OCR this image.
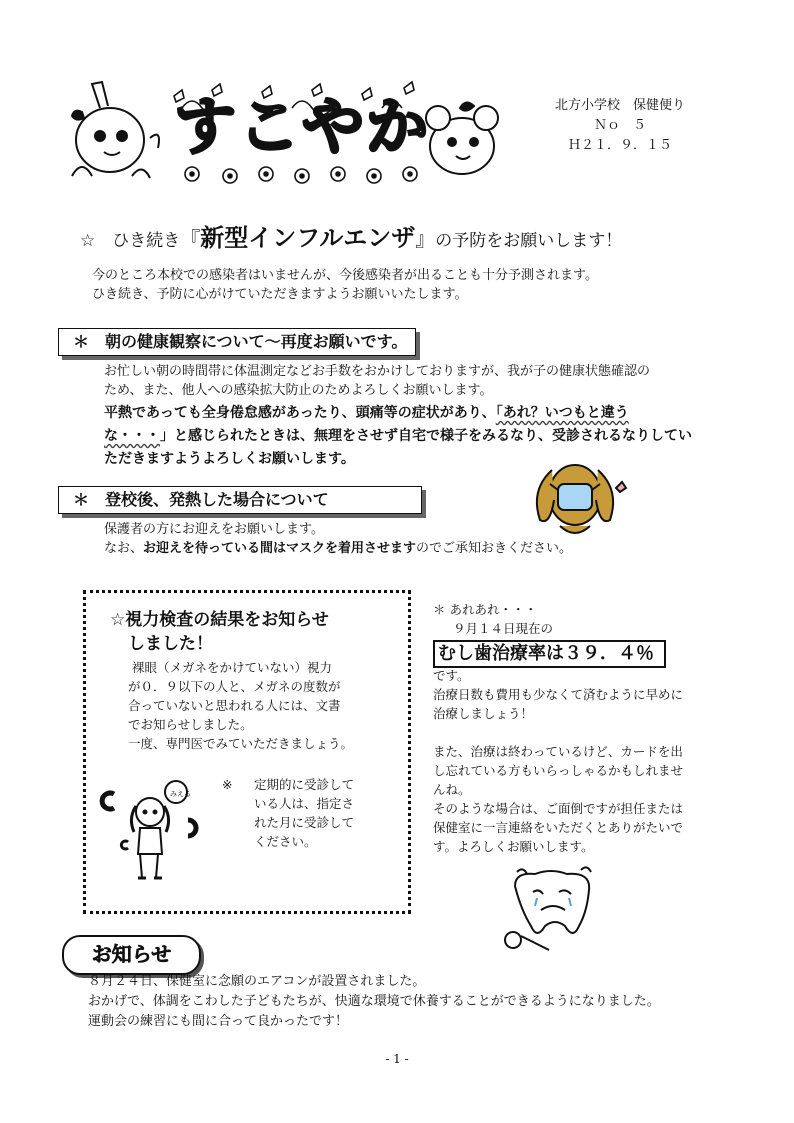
すこやか	北方小学校　保健便り
Ｎｏ　５
Ｈ２１．９．１５
☆　ひき続き『新型インフルエンザ』の予防をお願いします！
今のところ本校での感染者はいませんが、今後感染者が出ることも十分予測されます。
ひき続き、予防に心がけていただきますようお願いいたします。
＊　朝の健康観察について～再度お願いです。
お忙しい朝の時間帯に体温測定などお手数をおかけしておりますが、我が子の健康状態確認の
ため、また、他人への感染拡大防止のためよろしくお願いします。
平熱であっても全身倦怠感があったり、頭痛等の症状があり、「あれ？いつもと違う
な・・・」と感じられたときは、無理をさせず自宅で様子をみるなり、受診されるなりしてい
ただきますようよろしくお願いします。
＊　登校後、発熱した場合について
保護者の方にお迎えをお願いします。
なお、お迎えを待っている間はマスクを着用させますのでご承知おきください。
☆視力検査の結果をお知らせ
しました！
裸眼（メガネをかけていない）視力
が０．９以下の人と、メガネの度数が
合っていないと思われる人には、文書
でお知らせしました。
一度、専門医でみていただきましょう。
※ 定期的に受診して
いる人は、指定さ
れた月に受診して
ください。
みえる
＊ あれあれ・・・
９月１４日現在の
むし歯治療率は３９．４％
です。
治療日数も費用も少なくて済むように早めに
治療しましょう！
また、治療は終わっているけど、カードを出
し忘れている方もいらっしゃるかもしれませ
んね。
そのような場合は、ご面倒ですが担任または
保健室に一言連絡をいただくとありがたいで
す。よろしくお願いします。
お知らせ
８月２４日、保健室に念願のエアコンが設置されました。
おかげで、体調をこわした子どもたちが、快適な環境で休養することができるようになりました。
運動会の練習にも間に合って良かったです！
- 1 -
